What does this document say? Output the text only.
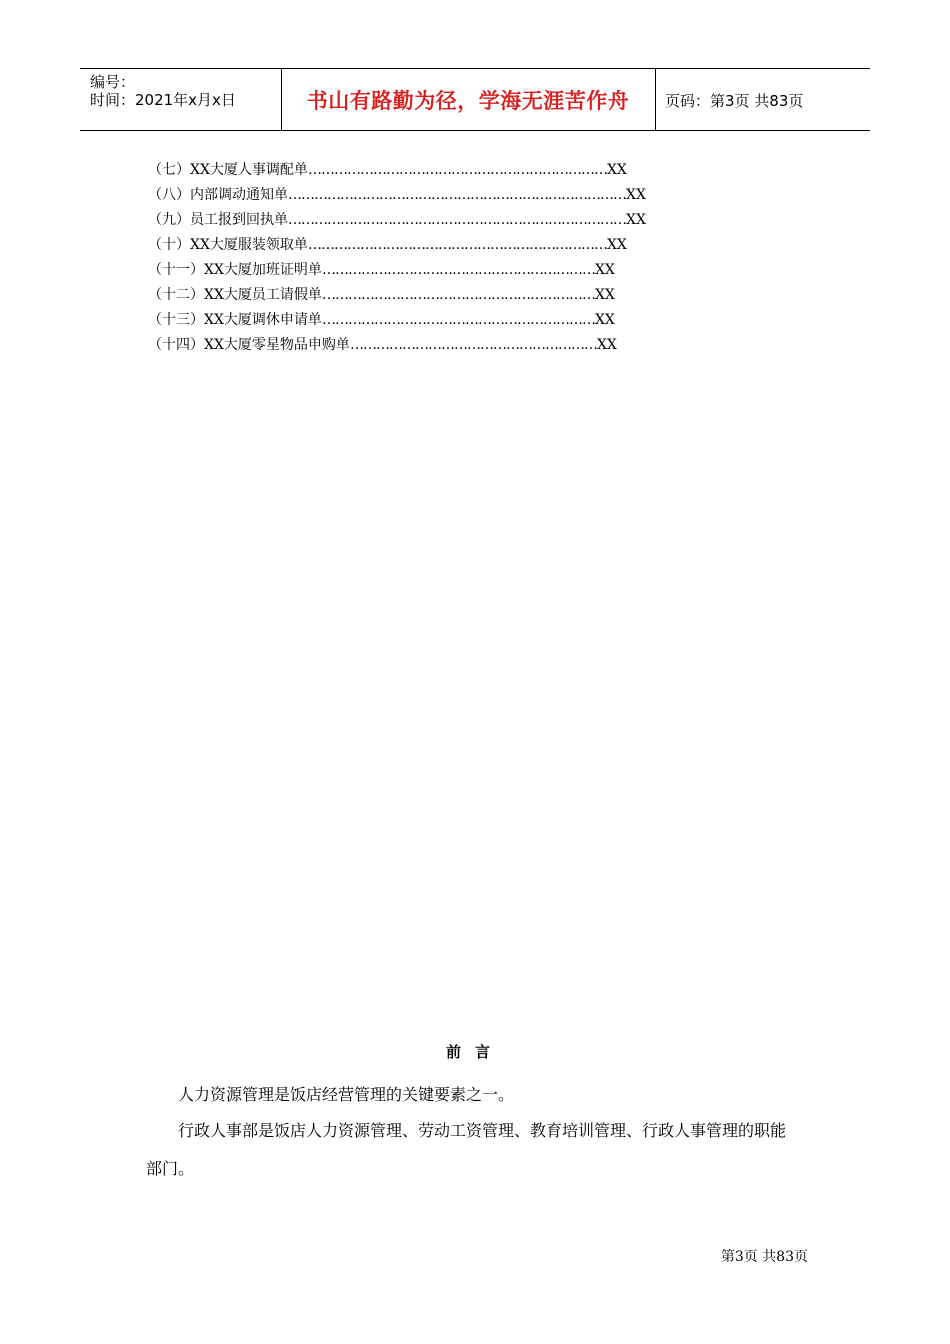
编号：
时间：2021年x月x日	书山有路勤为径，学海无涯苦作舟	页码：第3页 共83页
（七）XX大厦人事调配单……………………………………………………………XX
（八）内部调动通知单……………………………………………………………………XX
（九）员工报到回执单……………………………………………………………………XX
（十）XX大厦服装领取单……………………………………………………………XX
（十一）XX大厦加班证明单………………………………………………………XX
（十二）XX大厦员工请假单………………………………………………………XX
（十三）XX大厦调休申请单………………………………………………………XX
（十四）XX大厦零星物品申购单…………………………………………………XX
前言
人力资源管理是饭店经营管理的关键要素之一。
行政人事部是饭店人力资源管理、劳动工资管理、教育培训管理、行政人事管理的职能
部门。
第3页 共83页
